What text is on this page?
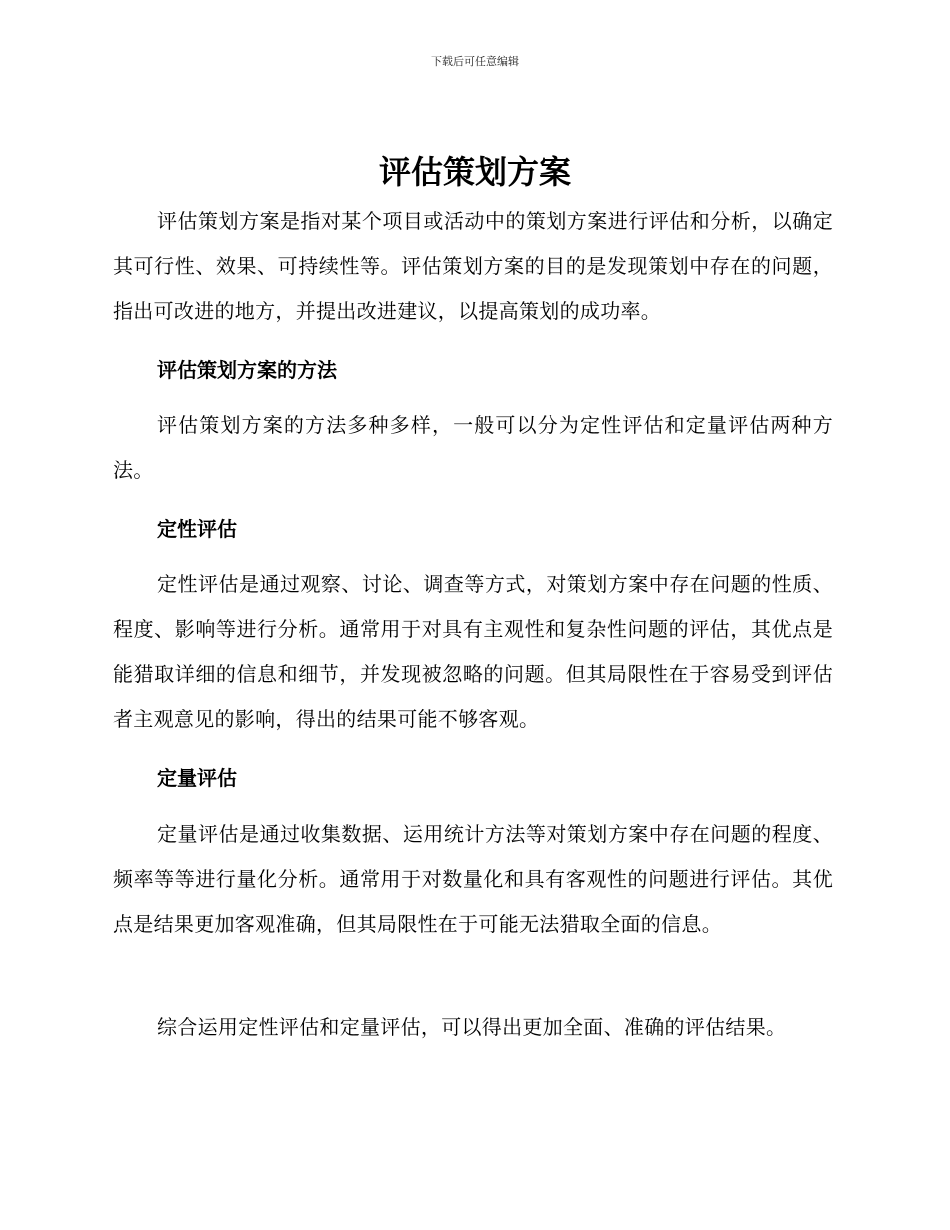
下载后可任意编辑
评估策划方案

评估策划方案是指对某个项目或活动中的策划方案进行评估和分析，以确定其可行性、效果、可持续性等。评估策划方案的目的是发现策划中存在的问题，指出可改进的地方，并提出改进建议，以提高策划的成功率。

评估策划方案的方法

评估策划方案的方法多种多样，一般可以分为定性评估和定量评估两种方法。

定性评估

定性评估是通过观察、讨论、调查等方式，对策划方案中存在问题的性质、程度、影响等进行分析。通常用于对具有主观性和复杂性问题的评估，其优点是能猎取详细的信息和细节，并发现被忽略的问题。但其局限性在于容易受到评估者主观意见的影响，得出的结果可能不够客观。

定量评估

定量评估是通过收集数据、运用统计方法等对策划方案中存在问题的程度、频率等等进行量化分析。通常用于对数量化和具有客观性的问题进行评估。其优点是结果更加客观准确，但其局限性在于可能无法猎取全面的信息。

综合运用定性评估和定量评估，可以得出更加全面、准确的评估结果。
